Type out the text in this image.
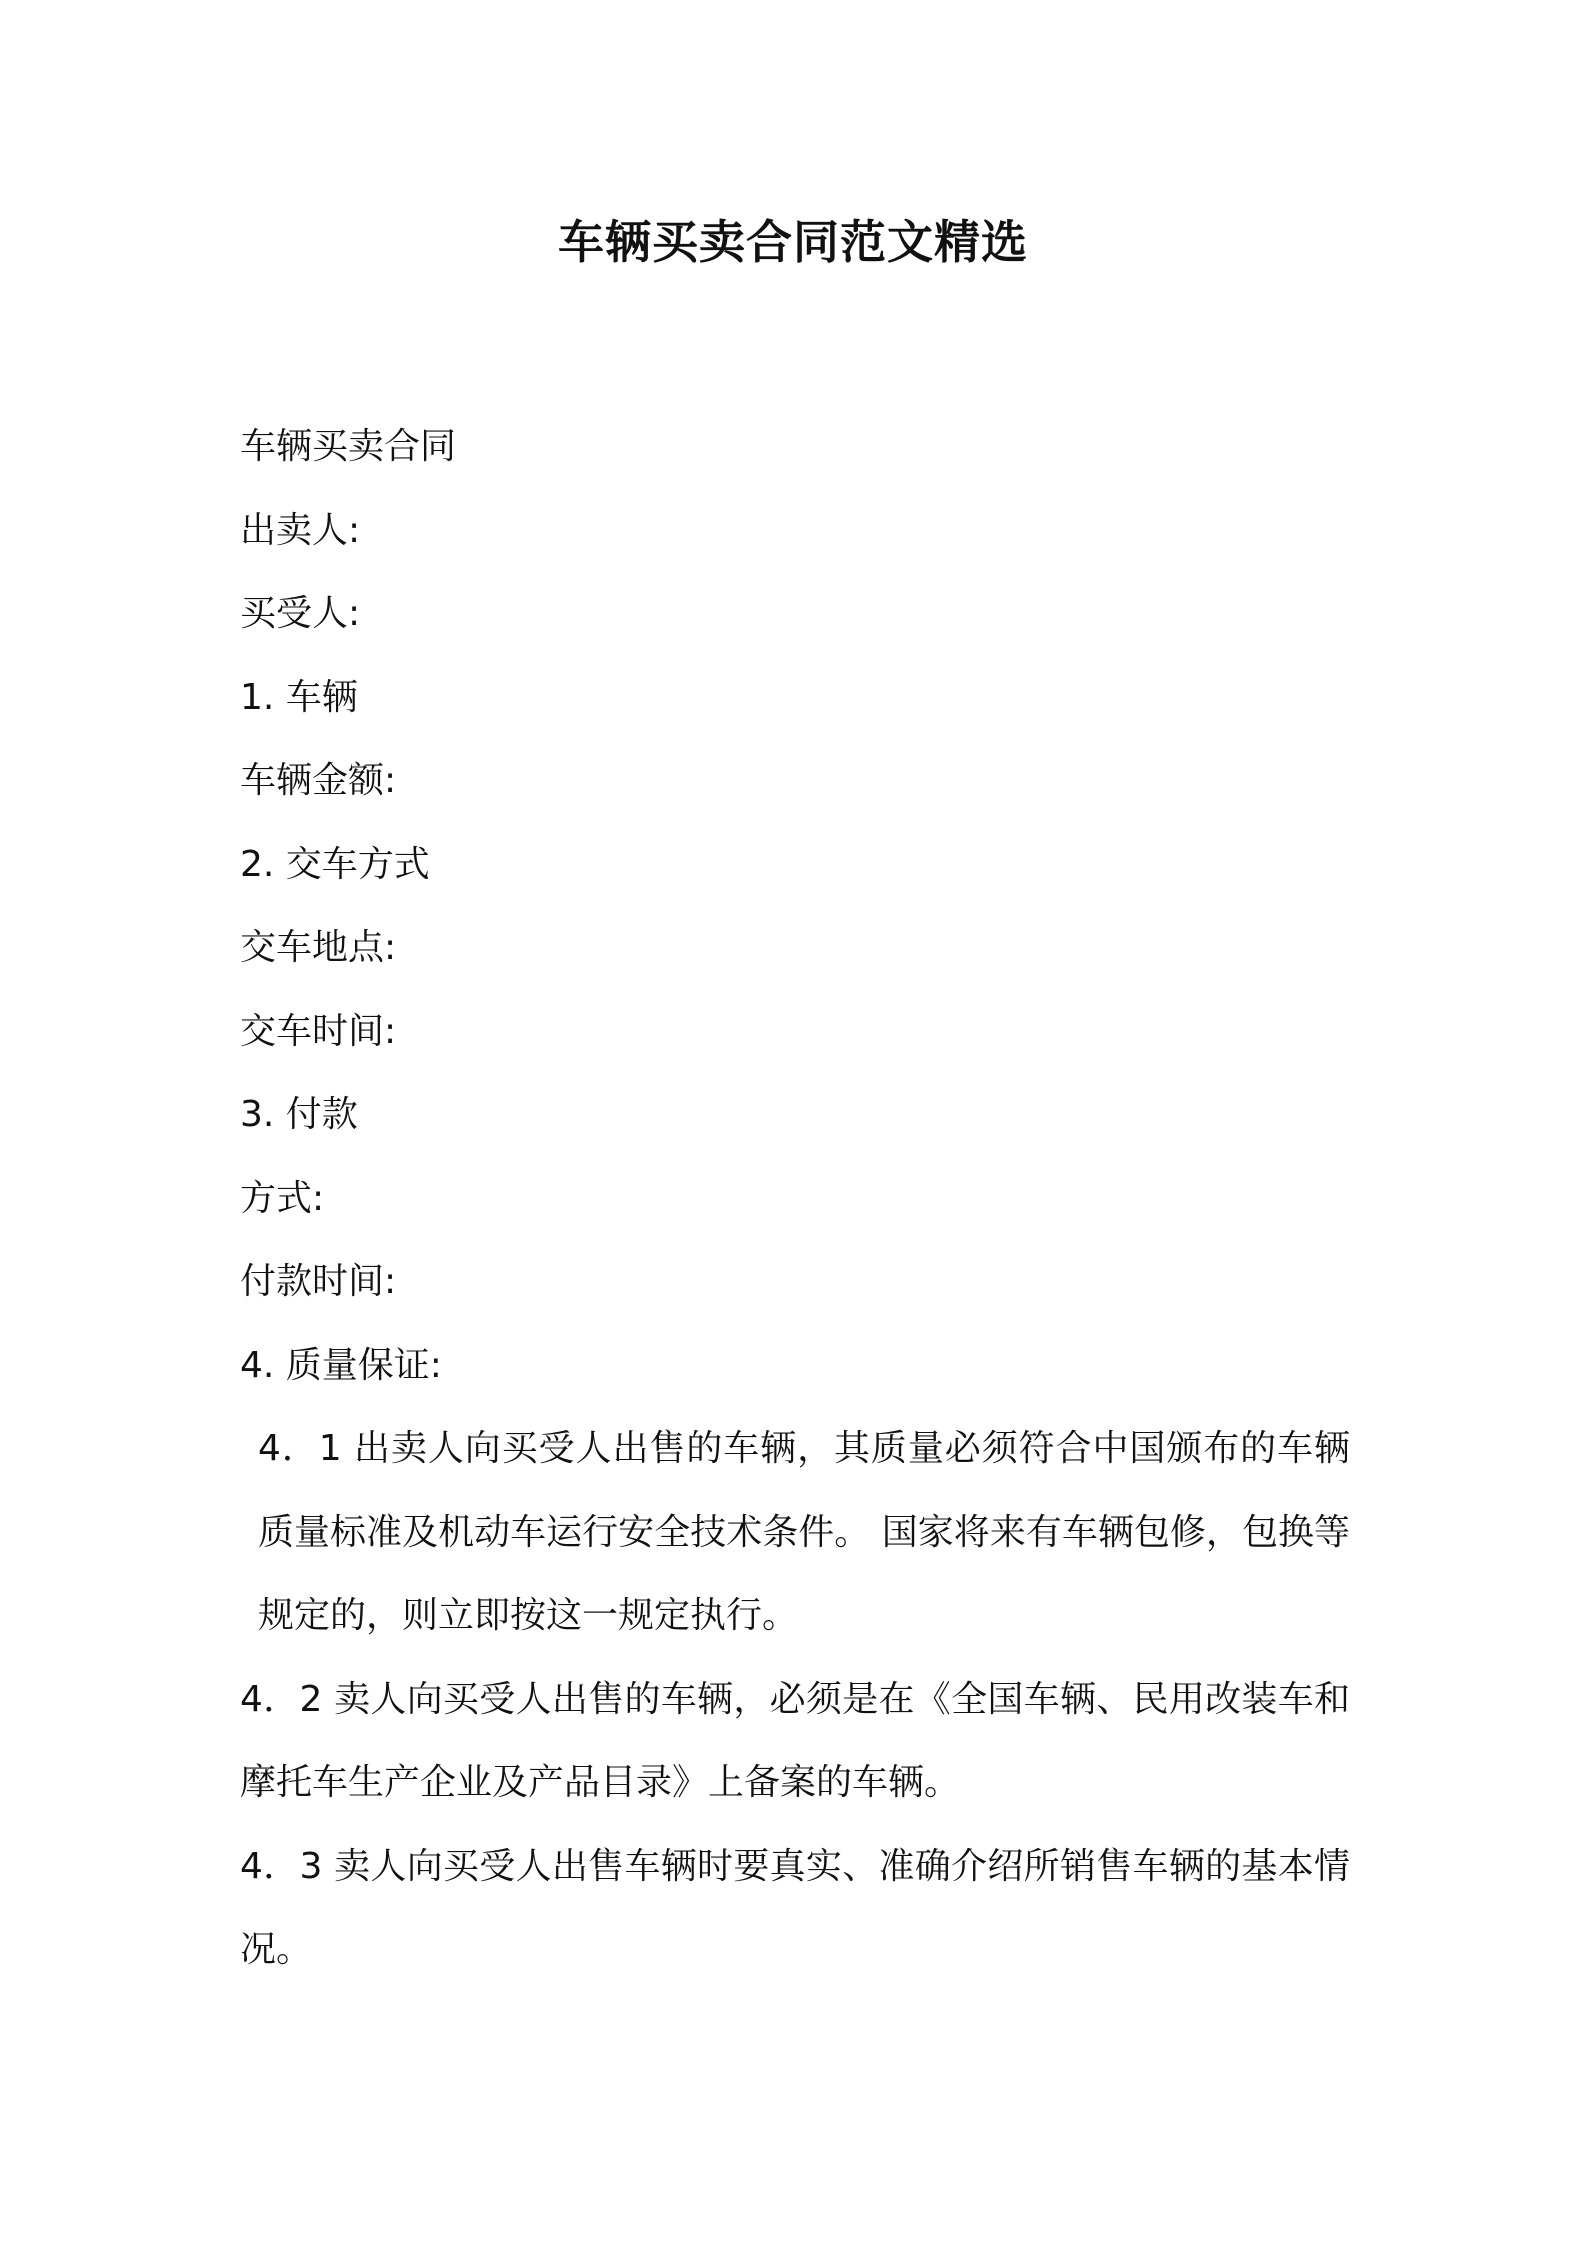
车辆买卖合同范文精选
车辆买卖合同
出卖人:
买受人:
1. 车辆
车辆金额:
2. 交车方式
交车地点:
交车时间:
3. 付款
方式:
付款时间:
4. 质量保证:
4．1 出卖人向买受人出售的车辆，其质量必须符合中国颁布的车辆质量标准及机动车运行安全技术条件。 国家将来有车辆包修，包换等规定的，则立即按这一规定执行。
4．2 卖人向买受人出售的车辆，必须是在《全国车辆、民用改装车和摩托车生产企业及产品目录》上备案的车辆。
4．3 卖人向买受人出售车辆时要真实、准确介绍所销售车辆的基本情况。
